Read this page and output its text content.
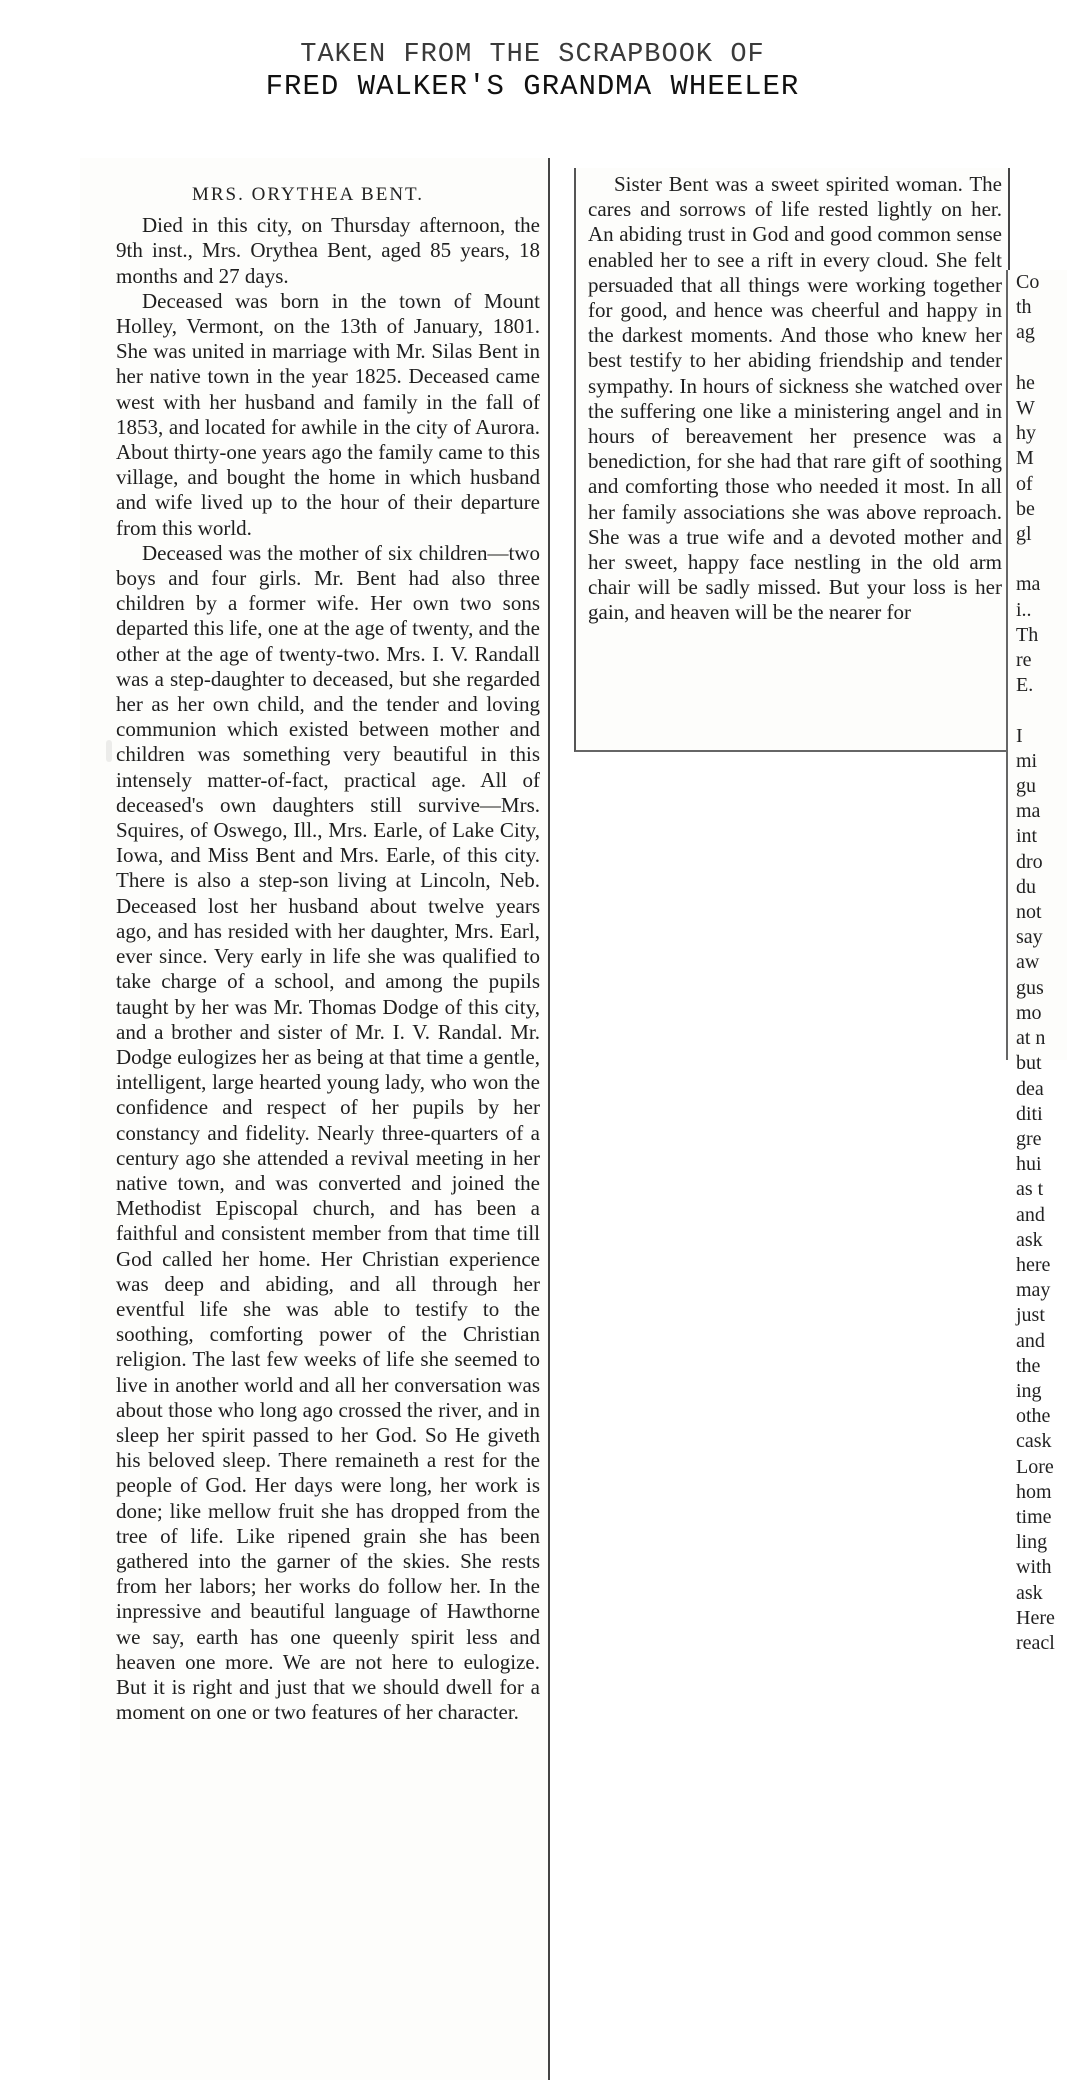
TAKEN FROM THE SCRAPBOOK OF
FRED WALKER'S GRANDMA WHEELER
MRS. ORYTHEA BENT.

Died in this city, on Thursday afternoon, the 9th inst., Mrs. Orythea Bent, aged 85 years, 18 months and 27 days.

Deceased was born in the town of Mount Holley, Vermont, on the 13th of January, 1801. She was united in marriage with Mr. Silas Bent in her native town in the year 1825. Deceased came west with her husband and family in the fall of 1853, and located for awhile in the city of Aurora. About thirty-one years ago the family came to this village, and bought the home in which husband and wife lived up to the hour of their departure from this world.

Deceased was the mother of six children—two boys and four girls. Mr. Bent had also three children by a former wife. Her own two sons departed this life, one at the age of twenty, and the other at the age of twenty-two. Mrs. I. V. Randall was a step-daughter to deceased, but she regarded her as her own child, and the tender and loving communion which existed between mother and children was something very beautiful in this intensely matter-of-fact, practical age. All of deceased's own daughters still survive—Mrs. Squires, of Oswego, Ill., Mrs. Earle, of Lake City, Iowa, and Miss Bent and Mrs. Earle, of this city. There is also a step-son living at Lincoln, Neb. Deceased lost her husband about twelve years ago, and has resided with her daughter, Mrs. Earl, ever since. Very early in life she was qualified to take charge of a school, and among the pupils taught by her was Mr. Thomas Dodge of this city, and a brother and sister of Mr. I. V. Randal. Mr. Dodge eulogizes her as being at that time a gentle, intelligent, large hearted young lady, who won the confidence and respect of her pupils by her constancy and fidelity. Nearly three-quarters of a century ago she attended a revival meeting in her native town, and was converted and joined the Methodist Episcopal church, and has been a faithful and consistent member from that time till God called her home. Her Christian experience was deep and abiding, and all through her eventful life she was able to testify to the soothing, comforting power of the Christian religion. The last few weeks of life she seemed to live in another world and all her conversation was about those who long ago crossed the river, and in sleep her spirit passed to her God. So He giveth his beloved sleep. There remaineth a rest for the people of God. Her days were long, her work is done; like mellow fruit she has dropped from the tree of life. Like ripened grain she has been gathered into the garner of the skies. She rests from her labors; her works do follow her. In the inpressive and beautiful language of Hawthorne we say, earth has one queenly spirit less and heaven one more. We are not here to eulogize. But it is right and just that we should dwell for a moment on one or two features of her character.

Sister Bent was a sweet spirited woman. The cares and sorrows of life rested lightly on her. An abiding trust in God and good common sense enabled her to see a rift in every cloud. She felt persuaded that all things were working together for good, and hence was cheerful and happy in the darkest moments. And those who knew her best testify to her abiding friendship and tender sympathy. In hours of sickness she watched over the suffering one like a ministering angel and in hours of bereavement her presence was a benediction, for she had that rare gift of soothing and comforting those who needed it most. In all her family associations she was above reproach. She was a true wife and a devoted mother and her sweet, happy face nestling in the old arm chair will be sadly missed. But your loss is her gain, and heaven will be the nearer for

Co
th
ag

he
W
hy
M
of
be
gl

ma
i..
Th
re
E.

I
mi
gu
ma
int
dro
du
not
say
aw
gus
mo
at n
but
dea
diti
gre
hui
as t
and
ask
here
may
just
and
the
ing
othe
cask
Lore
hom
time
ling
with
ask
Here
reacl
